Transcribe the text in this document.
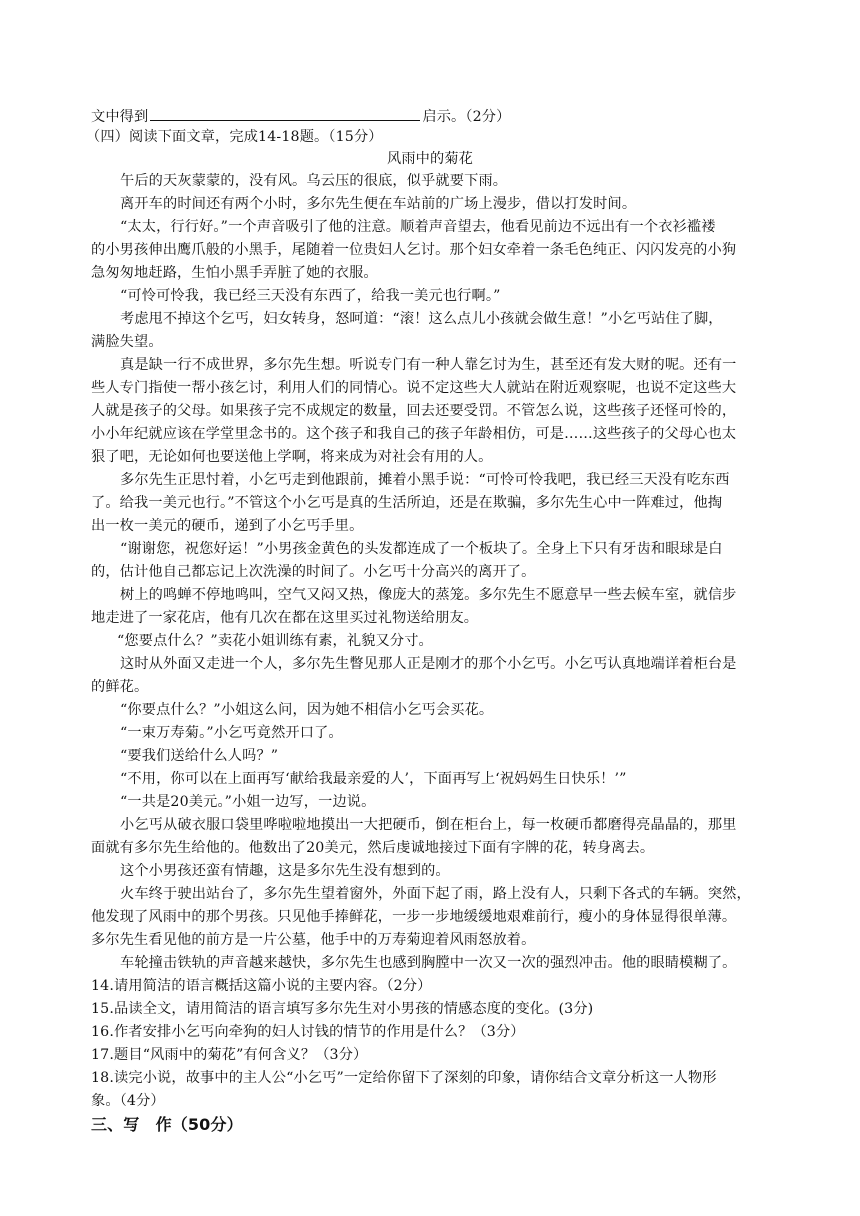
文中得到	启示。（2分）
（四）阅读下面文章，完成14-18题。（15分）
风雨中的菊花
午后的天灰蒙蒙的，没有风。乌云压的很底，似乎就要下雨。
离开车的时间还有两个小时，多尔先生便在车站前的广场上漫步，借以打发时间。
“太太，行行好。”一个声音吸引了他的注意。顺着声音望去，他看见前边不远出有一个衣衫褴褛
的小男孩伸出鹰爪般的小黑手，尾随着一位贵妇人乞讨。那个妇女牵着一条毛色纯正、闪闪发亮的小狗
急匆匆地赶路，生怕小黑手弄脏了她的衣服。
“可怜可怜我，我已经三天没有东西了，给我一美元也行啊。”
考虑甩不掉这个乞丐，妇女转身，怒呵道：“滚！这么点儿小孩就会做生意！”小乞丐站住了脚，
满脸失望。
真是缺一行不成世界，多尔先生想。听说专门有一种人靠乞讨为生，甚至还有发大财的呢。还有一
些人专门指使一帮小孩乞讨，利用人们的同情心。说不定这些大人就站在附近观察呢，也说不定这些大
人就是孩子的父母。如果孩子完不成规定的数量，回去还要受罚。不管怎么说，这些孩子还怪可怜的，
小小年纪就应该在学堂里念书的。这个孩子和我自己的孩子年龄相仿，可是……这些孩子的父母心也太
狠了吧，无论如何也要送他上学啊，将来成为对社会有用的人。
多尔先生正思忖着，小乞丐走到他跟前，摊着小黑手说：“可怜可怜我吧，我已经三天没有吃东西
了。给我一美元也行。”不管这个小乞丐是真的生活所迫，还是在欺骗，多尔先生心中一阵难过，他掏
出一枚一美元的硬币，递到了小乞丐手里。
“谢谢您，祝您好运！”小男孩金黄色的头发都连成了一个板块了。全身上下只有牙齿和眼球是白
的，估计他自己都忘记上次洗澡的时间了。小乞丐十分高兴的离开了。
树上的鸣蝉不停地鸣叫，空气又闷又热，像庞大的蒸笼。多尔先生不愿意早一些去候车室，就信步
地走进了一家花店，他有几次在都在这里买过礼物送给朋友。
“您要点什么？”卖花小姐训练有素，礼貌又分寸。
这时从外面又走进一个人，多尔先生瞥见那人正是刚才的那个小乞丐。小乞丐认真地端详着柜台是
的鲜花。
“你要点什么？”小姐这么问，因为她不相信小乞丐会买花。
“一束万寿菊。”小乞丐竟然开口了。
“要我们送给什么人吗？”
“不用，你可以在上面再写‘献给我最亲爱的人’，下面再写上‘祝妈妈生日快乐！’”
“一共是20美元。”小姐一边写，一边说。
小乞丐从破衣服口袋里哗啦啦地摸出一大把硬币，倒在柜台上，每一枚硬币都磨得亮晶晶的，那里
面就有多尔先生给他的。他数出了20美元，然后虔诚地接过下面有字牌的花，转身离去。
这个小男孩还蛮有情趣，这是多尔先生没有想到的。
火车终于驶出站台了，多尔先生望着窗外，外面下起了雨，路上没有人，只剩下各式的车辆。突然，
他发现了风雨中的那个男孩。只见他手捧鲜花，一步一步地缓缓地艰难前行，瘦小的身体显得很单薄。
多尔先生看见他的前方是一片公墓，他手中的万寿菊迎着风雨怒放着。
车轮撞击铁轨的声音越来越快，多尔先生也感到胸膛中一次又一次的强烈冲击。他的眼睛模糊了。
14.请用简洁的语言概括这篇小说的主要内容。（2分）
15.品读全文，请用简洁的语言填写多尔先生对小男孩的情感态度的变化。(3分)
16.作者安排小乞丐向牵狗的妇人讨钱的情节的作用是什么？（3分）
17.题目“风雨中的菊花”有何含义？（3分）
18.读完小说，故事中的主人公“小乞丐”一定给你留下了深刻的印象，请你结合文章分析这一人物形
象。（4分）
三、写　作（50分）
